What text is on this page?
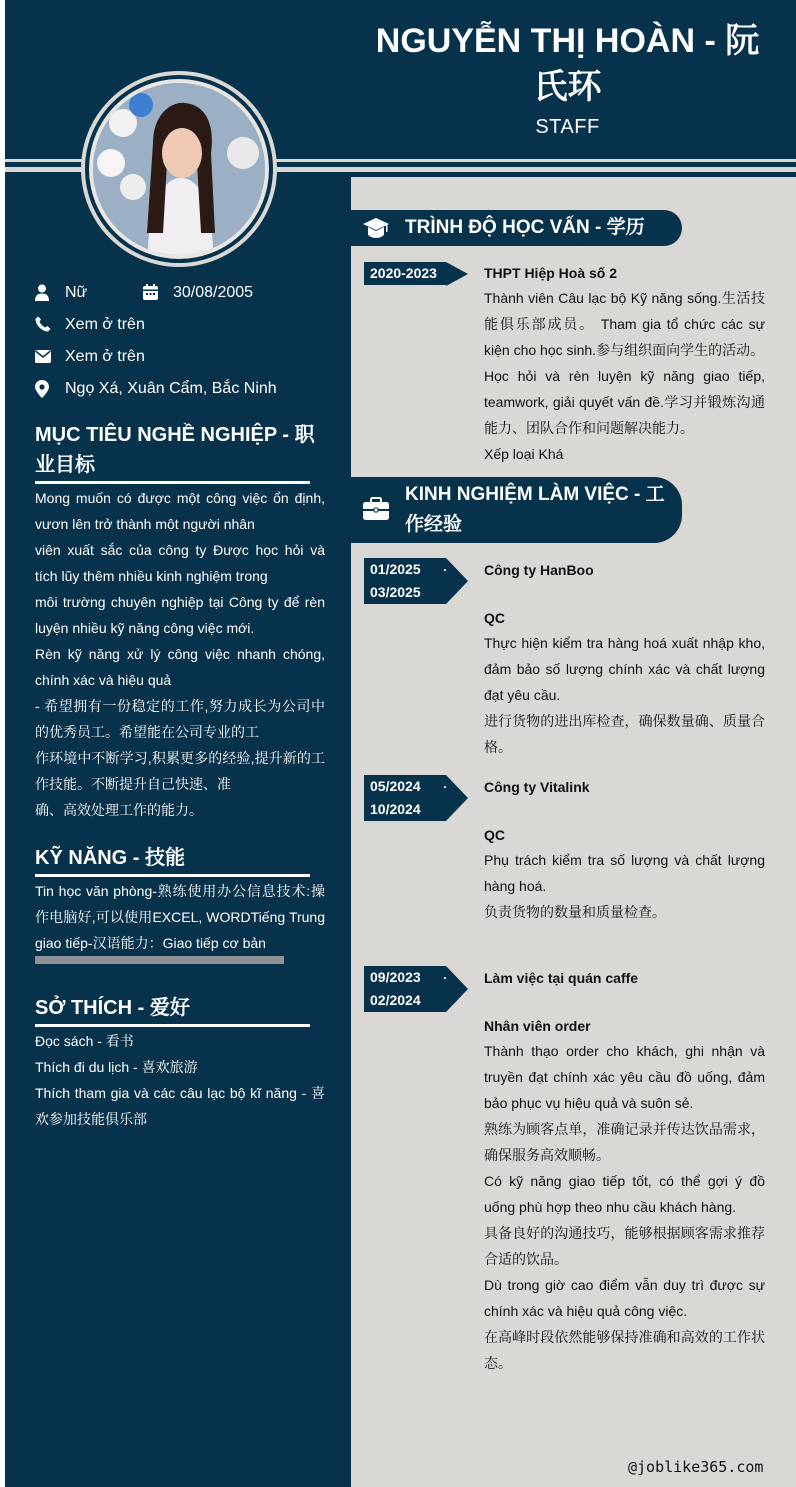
NGUYỄN THỊ HOÀN - 阮氏环
STAFF
Nữ	30/08/2005
Xem ở trên
Xem ở trên
Ngọ Xá, Xuân Cẩm, Bắc Ninh
MỤC TIÊU NGHỀ NGHIỆP - 职业目标

Mong muốn có được một công việc ổn định, vươn lên trở thành một người nhân

viên xuất sắc của công ty Được học hỏi và tích lũy thêm nhiều kinh nghiệm trong

môi trường chuyên nghiệp tại Công ty để rèn luyện nhiều kỹ năng công việc mới.

Rèn kỹ năng xử lý công việc nhanh chóng, chính xác và hiệu quả

- 希望拥有一份稳定的工作,努力成长为公司中的优秀员工。希望能在公司专业的工

作环境中不断学习,积累更多的经验,提升新的工作技能。不断提升自己快速、准

确、高效处理工作的能力。

KỸ NĂNG - 技能
Tin học văn phòng-熟练使用办公信息技术:操作电脑好,可以使用EXCEL, WORDTiếng Trung giao tiếp-汉语能力：Giao tiếp cơ bản
SỞ THÍCH - 爱好

Đọc sách - 看书

Thích đi du lịch - 喜欢旅游

Thích tham gia và các câu lạc bộ kĩ năng - 喜欢参加技能俱乐部

TRÌNH ĐỘ HỌC VẤN - 学历
2020-2023	THPT Hiệp Hoà số 2

Thành viên Câu lạc bộ Kỹ năng sống.生活技能俱乐部成员。 Tham gia tổ chức các sự kiện cho học sinh.参与组织面向学生的活动。

Học hỏi và rèn luyện kỹ năng giao tiếp, teamwork, giải quyết vấn đề.学习并锻炼沟通能力、团队合作和问题解决能力。

Xếp loại Khá

KINH NGHIỆM LÀM VIỆC - 工作经验
01/2025
03/2025
-	Công ty HanBoo
QC

Thực hiện kiểm tra hàng hoá xuất nhập kho, đảm bảo số lượng chính xác và chất lượng đạt yêu cầu.

进行货物的进出库检查，确保数量确、质量合格。

05/2024
10/2024
-	Công ty Vitalink
QC

Phụ trách kiểm tra số lượng và chất lượng hàng hoá.

负责货物的数量和质量检查。

09/2023
02/2024
-	Làm việc tại quán caffe
Nhân viên order

Thành thạo order cho khách, ghi nhận và truyền đạt chính xác yêu cầu đồ uống, đảm bảo phục vụ hiệu quả và suôn sẻ.

熟练为顾客点单，准确记录并传达饮品需求，确保服务高效顺畅。

Có kỹ năng giao tiếp tốt, có thể gợi ý đồ uống phù hợp theo nhu cầu khách hàng.

具备良好的沟通技巧，能够根据顾客需求推荐合适的饮品。

Dù trong giờ cao điểm vẫn duy trì được sự chính xác và hiệu quả công việc.

在高峰时段依然能够保持准确和高效的工作状态。

@joblike365.com
